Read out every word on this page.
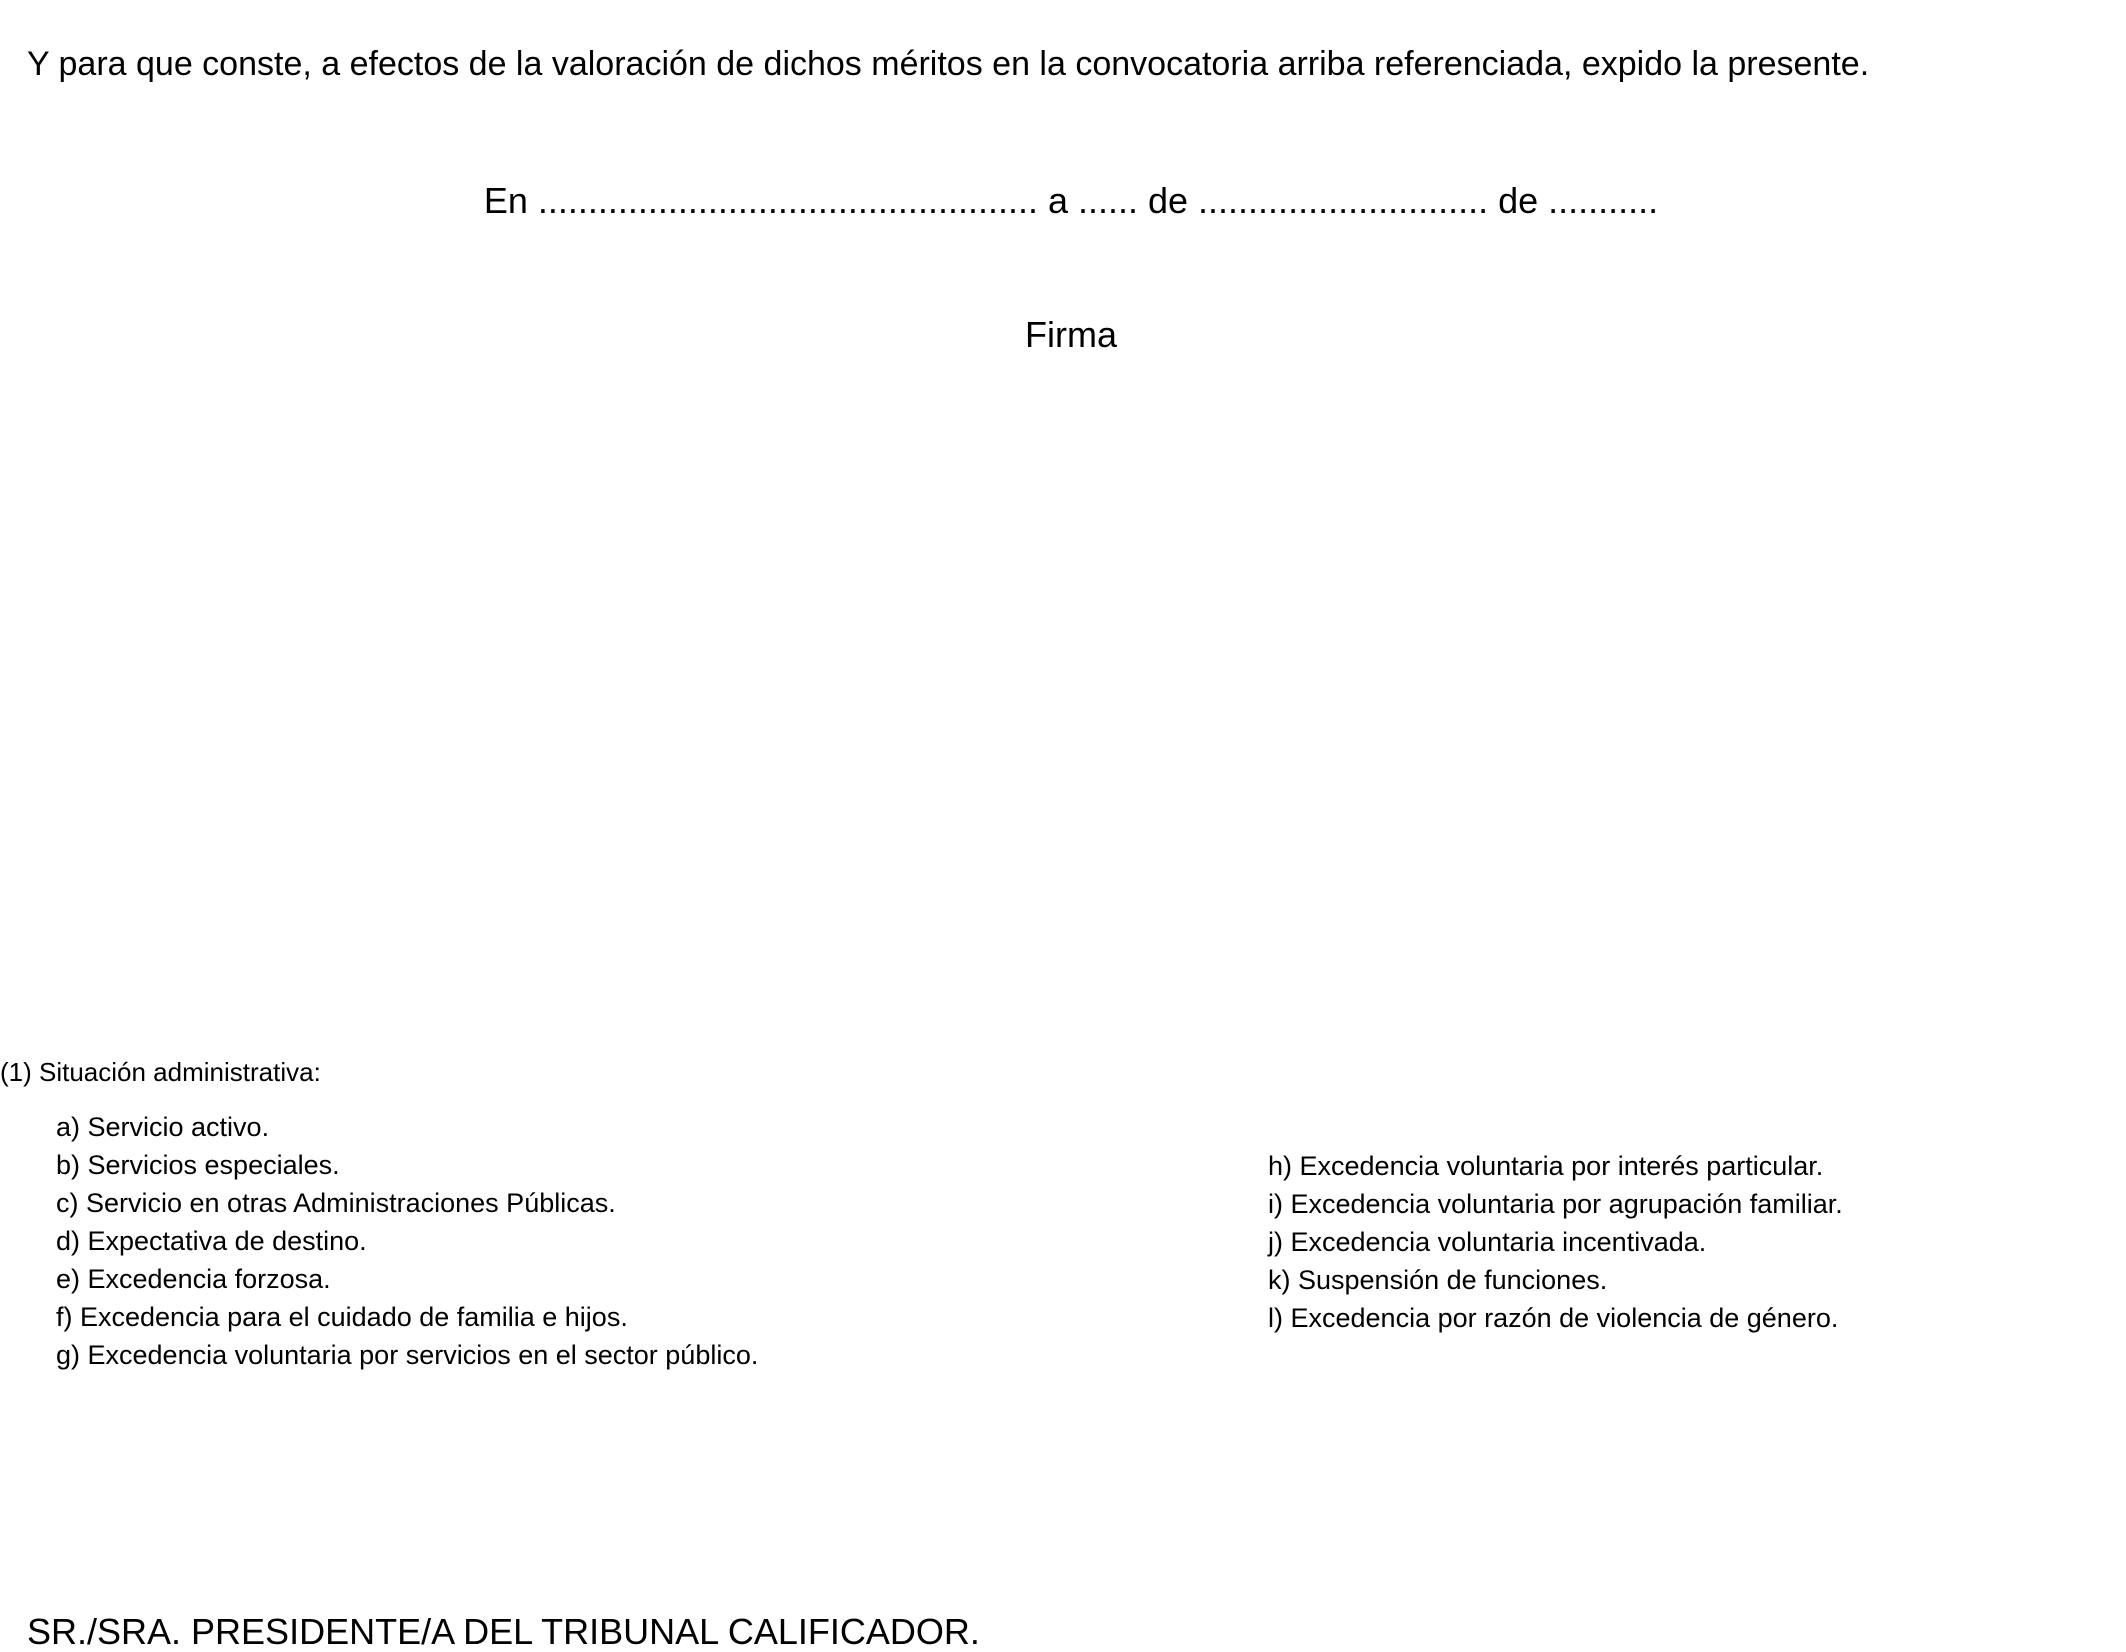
Y para que conste, a efectos de la valoración de dichos méritos en la convocatoria arriba referenciada, expido la presente.
En .................................................. a ...... de ............................. de ...........
Firma
(1) Situación administrativa:
a) Servicio activo.
b) Servicios especiales.
c) Servicio en otras Administraciones Públicas.
d) Expectativa de destino.
e) Excedencia forzosa.
f) Excedencia para el cuidado de familia e hijos.
g) Excedencia voluntaria por servicios en el sector público.
h) Excedencia voluntaria por interés particular.
i) Excedencia voluntaria por agrupación familiar.
j) Excedencia voluntaria incentivada.
k) Suspensión de funciones.
l) Excedencia por razón de violencia de género.
SR./SRA. PRESIDENTE/A DEL TRIBUNAL CALIFICADOR.
